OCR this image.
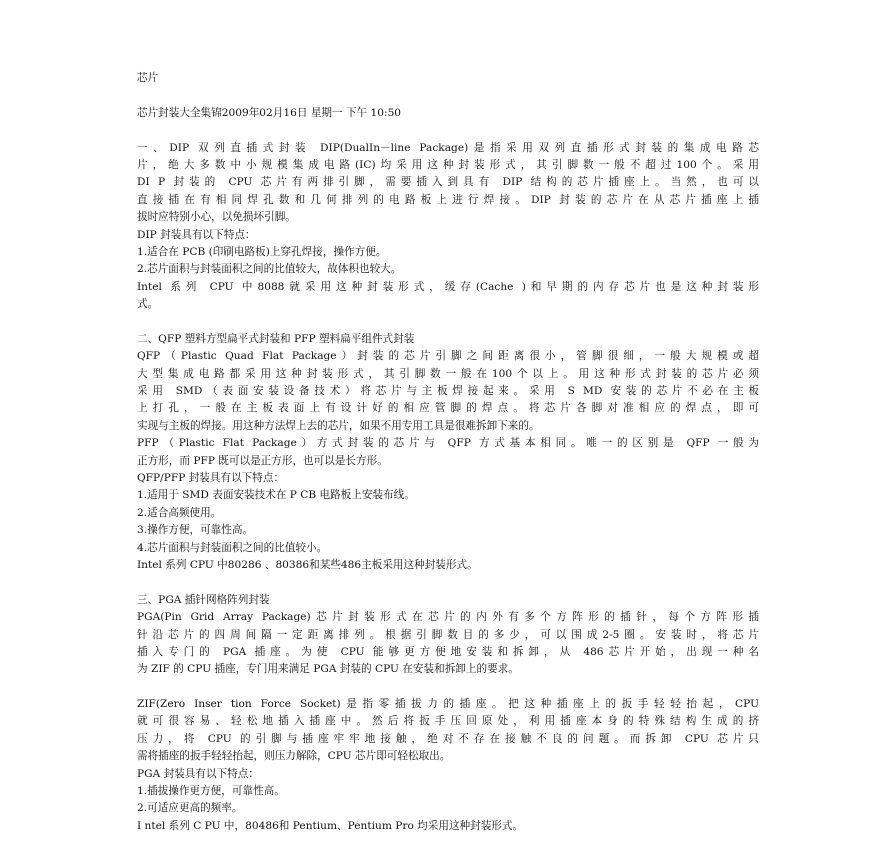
芯片
芯片封装大全集锦2009年02月16日 星期一 下午 10:50
一、DIP 双列直插式封装 DIP(DualIn－line Package)是指采用双列直插形式封装的集成电路芯
片，绝大多数中小规模集成电路(IC)均采用这种封装形式，其引脚数一般不超过100个。采用
DI P 封装的 CPU 芯片有两排引脚，需要插入到具有 DIP 结构的芯片插座上。当然，也可以
直接插在有相同焊孔数和几何排列的电路板上进行焊接。DIP 封装的芯片在从芯片插座上插
拔时应特别小心，以免损坏引脚。
DIP 封装具有以下特点：
1.适合在 PCB (印刷电路板)上穿孔焊接，操作方便。
2.芯片面积与封装面积之间的比值较大，故体积也较大。
Intel 系列 CPU 中8088就采用这种封装形式，缓存(Cache )和早期的内存芯片也是这种封装形
式。
二、QFP 塑料方型扁平式封装和 PFP 塑料扁平组件式封装
QFP（Plastic Quad Flat Package）封装的芯片引脚之间距离很小，管脚很细，一般大规模或超
大型集成电路都采用这种封装形式，其引脚数一般在100个以上。用这种形式封装的芯片必须
采用 SMD（表面安装设备技术）将芯片与主板焊接起来。采用 S MD 安装的芯片不必在主板
上打孔，一般在主板表面上有设计好的相应管脚的焊点。将芯片各脚对准相应的焊点，即可
实现与主板的焊接。用这种方法焊上去的芯片，如果不用专用工具是很难拆卸下来的。
PFP（Plastic Flat Package）方式封装的芯片与 QFP 方式基本相同。唯一的区别是 QFP 一般为
正方形，而 PFP 既可以是正方形，也可以是长方形。
QFP/PFP 封装具有以下特点：
1.适用于 SMD 表面安装技术在 P CB 电路板上安装布线。
2.适合高频使用。
3.操作方便，可靠性高。
4.芯片面积与封装面积之间的比值较小。
Intel 系列 CPU 中80286 、80386和某些486主板采用这种封装形式。
三、PGA 插针网格阵列封装
PGA(Pin Grid Array Package)芯片封装形式在芯片的内外有多个方阵形的插针，每个方阵形插
针沿芯片的四周间隔一定距离排列。根据引脚数目的多少，可以围成2-5圈。安装时，将芯片
插入专门的 PGA 插座。为使 CPU 能够更方便地安装和拆卸，从 486芯片开始，出现一种名
为 ZIF 的 CPU 插座，专门用来满足 PGA 封装的 CPU 在安装和拆卸上的要求。
ZIF(Zero Inser tion Force Socket)是指零插拔力的插座。把这种插座上的扳手轻轻抬起，CPU
就可很容易、轻松地插入插座中。然后将扳手压回原处，利用插座本身的特殊结构生成的挤
压力，将 CPU 的引脚与插座牢牢地接触，绝对不存在接触不良的问题。而拆卸 CPU 芯片只
需将插座的扳手轻轻抬起，则压力解除，CPU 芯片即可轻松取出。
PGA 封装具有以下特点：
1.插拔操作更方便，可靠性高。
2.可适应更高的频率。
I ntel 系列 C PU 中，80486和 Pentium、Pentium Pro 均采用这种封装形式。
